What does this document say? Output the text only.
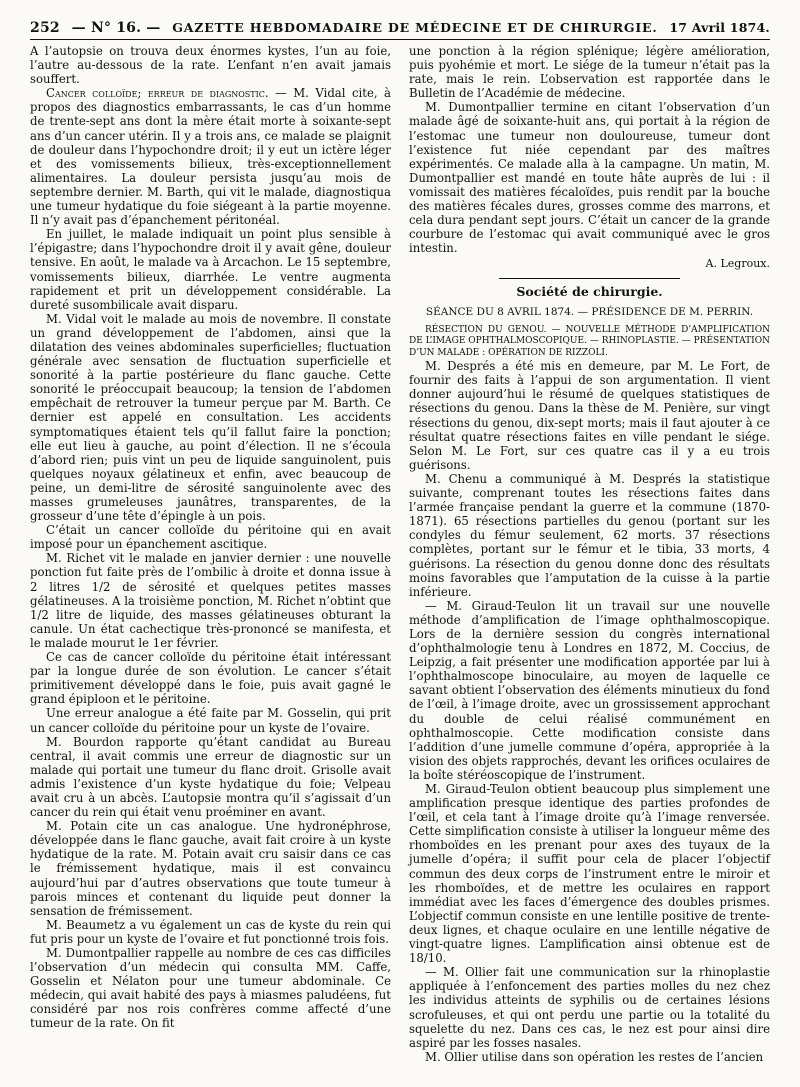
252 — N° 16. — GAZETTE HEBDOMADAIRE DE MÉDECINE ET DE CHIRURGIE. 17 Avril 1874.

A l’autopsie on trouva deux énormes kystes, l’un au foie, l’autre au-dessous de la rate. L’enfant n’en avait jamais souffert.

Cancer colloïde; erreur de diagnostic. — M. Vidal cite, à propos des diagnostics embarrassants, le cas d’un homme de trente-sept ans dont la mère était morte à soixante-sept ans d’un cancer utérin. Il y a trois ans, ce malade se plaignit de douleur dans l’hypochondre droit; il y eut un ictère léger et des vomissements bilieux, très-exceptionnellement alimentaires. La douleur persista jusqu’au mois de septembre dernier. M. Barth, qui vit le malade, diagnostiqua une tumeur hydatique du foie siégeant à la partie moyenne. Il n’y avait pas d’épanchement péritonéal.

En juillet, le malade indiquait un point plus sensible à l’épigastre; dans l’hypochondre droit il y avait gêne, douleur tensive. En août, le malade va à Arcachon. Le 15 septembre, vomissements bilieux, diarrhée. Le ventre augmenta rapidement et prit un développement considérable. La dureté susombilicale avait disparu.

M. Vidal voit le malade au mois de novembre. Il constate un grand développement de l’abdomen, ainsi que la dilatation des veines abdominales superficielles; fluctuation générale avec sensation de fluctuation superficielle et sonorité à la partie postérieure du flanc gauche. Cette sonorité le préoccupait beaucoup; la tension de l’abdomen empêchait de retrouver la tumeur perçue par M. Barth. Ce dernier est appelé en consultation. Les accidents symptomatiques étaient tels qu’il fallut faire la ponction; elle eut lieu à gauche, au point d’élection. Il ne s’écoula d’abord rien; puis vint un peu de liquide sanguinolent, puis quelques noyaux gélatineux et enfin, avec beaucoup de peine, un demi-litre de sérosité sanguinolente avec des masses grumeleuses jaunâtres, transparentes, de la grosseur d’une tête d’épingle à un pois.

C’était un cancer colloïde du péritoine qui en avait imposé pour un épanchement ascitique.

M. Richet vit le malade en janvier dernier : une nouvelle ponction fut faite près de l’ombilic à droite et donna issue à 2 litres 1/2 de sérosité et quelques petites masses gélatineuses. A la troisième ponction, M. Richet n’obtint que 1/2 litre de liquide, des masses gélatineuses obturant la canule. Un état cachectique très-prononcé se manifesta, et le malade mourut le 1er février.

Ce cas de cancer colloïde du péritoine était intéressant par la longue durée de son évolution. Le cancer s’était primitivement développé dans le foie, puis avait gagné le grand épiploon et le péritoine.

Une erreur analogue a été faite par M. Gosselin, qui prit un cancer colloïde du péritoine pour un kyste de l’ovaire.

M. Bourdon rapporte qu’étant candidat au Bureau central, il avait commis une erreur de diagnostic sur un malade qui portait une tumeur du flanc droit. Grisolle avait admis l’existence d’un kyste hydatique du foie; Velpeau avait cru à un abcès. L’autopsie montra qu’il s’agissait d’un cancer du rein qui était venu proéminer en avant.

M. Potain cite un cas analogue. Une hydronéphrose, développée dans le flanc gauche, avait fait croire à un kyste hydatique de la rate. M. Potain avait cru saisir dans ce cas le frémissement hydatique, mais il est convaincu aujourd’hui par d’autres observations que toute tumeur à parois minces et contenant du liquide peut donner la sensation de frémissement.

M. Beaumetz a vu également un cas de kyste du rein qui fut pris pour un kyste de l’ovaire et fut ponctionné trois fois.

M. Dumontpallier rappelle au nombre de ces cas difficiles l’observation d’un médecin qui consulta MM. Caffe, Gosselin et Nélaton pour une tumeur abdominale. Ce médecin, qui avait habité des pays à miasmes paludéens, fut considéré par nos rois confrères comme affecté d’une tumeur de la rate. On fit

une ponction à la région splénique; légère amélioration, puis pyohémie et mort. Le siége de la tumeur n’était pas la rate, mais le rein. L’observation est rapportée dans le Bulletin de l’Académie de médecine.

M. Dumontpallier termine en citant l’observation d’un malade âgé de soixante-huit ans, qui portait à la région de l’estomac une tumeur non douloureuse, tumeur dont l’existence fut niée cependant par des maîtres expérimentés. Ce malade alla à la campagne. Un matin, M. Dumontpallier est mandé en toute hâte auprès de lui : il vomissait des matières fécaloïdes, puis rendit par la bouche des matières fécales dures, grosses comme des marrons, et cela dura pendant sept jours. C’était un cancer de la grande courbure de l’estomac qui avait communiqué avec le gros intestin.

A. Legroux.
Société de chirurgie.
SÉANCE DU 8 AVRIL 1874. — PRÉSIDENCE DE M. PERRIN.

RÉSECTION DU GENOU. — NOUVELLE MÉTHODE D’AMPLIFICATION DE L’IMAGE OPHTHALMOSCOPIQUE. — RHINOPLASTIE. — PRÉSENTATION D’UN MALADE : OPÉRATION DE RIZZOLI.

M. Després a été mis en demeure, par M. Le Fort, de fournir des faits à l’appui de son argumentation. Il vient donner aujourd’hui le résumé de quelques statistiques de résections du genou. Dans la thèse de M. Penière, sur vingt résections du genou, dix-sept morts; mais il faut ajouter à ce résultat quatre résections faites en ville pendant le siége. Selon M. Le Fort, sur ces quatre cas il y a eu trois guérisons.

M. Chenu a communiqué à M. Després la statistique suivante, comprenant toutes les résections faites dans l’armée française pendant la guerre et la commune (1870-1871). 65 résections partielles du genou (portant sur les condyles du fémur seulement, 62 morts. 37 résections complètes, portant sur le fémur et le tibia, 33 morts, 4 guérisons. La résection du genou donne donc des résultats moins favorables que l’amputation de la cuisse à la partie inférieure.

— M. Giraud-Teulon lit un travail sur une nouvelle méthode d’amplification de l’image ophthalmoscopique. Lors de la dernière session du congrès international d’ophthalmologie tenu à Londres en 1872, M. Coccius, de Leipzig, a fait présenter une modification apportée par lui à l’ophthalmoscope binoculaire, au moyen de laquelle ce savant obtient l’observation des éléments minutieux du fond de l’œil, à l’image droite, avec un grossissement approchant du double de celui réalisé communément en ophthalmoscopie. Cette modification consiste dans l’addition d’une jumelle commune d’opéra, appropriée à la vision des objets rapprochés, devant les orifices oculaires de la boîte stéréoscopique de l’instrument.

M. Giraud-Teulon obtient beaucoup plus simplement une amplification presque identique des parties profondes de l’œil, et cela tant à l’image droite qu’à l’image renversée. Cette simplification consiste à utiliser la longueur même des rhomboïdes en les prenant pour axes des tuyaux de la jumelle d’opéra; il suffit pour cela de placer l’objectif commun des deux corps de l’instrument entre le miroir et les rhomboïdes, et de mettre les oculaires en rapport immédiat avec les faces d’émergence des doubles prismes. L’objectif commun consiste en une lentille positive de trente-deux lignes, et chaque oculaire en une lentille négative de vingt-quatre lignes. L’amplification ainsi obtenue est de 18/10.

— M. Ollier fait une communication sur la rhinoplastie appliquée à l’enfoncement des parties molles du nez chez les individus atteints de syphilis ou de certaines lésions scrofuleuses, et qui ont perdu une partie ou la totalité du squelette du nez. Dans ces cas, le nez est pour ainsi dire aspiré par les fosses nasales.

M. Ollier utilise dans son opération les restes de l’ancien
